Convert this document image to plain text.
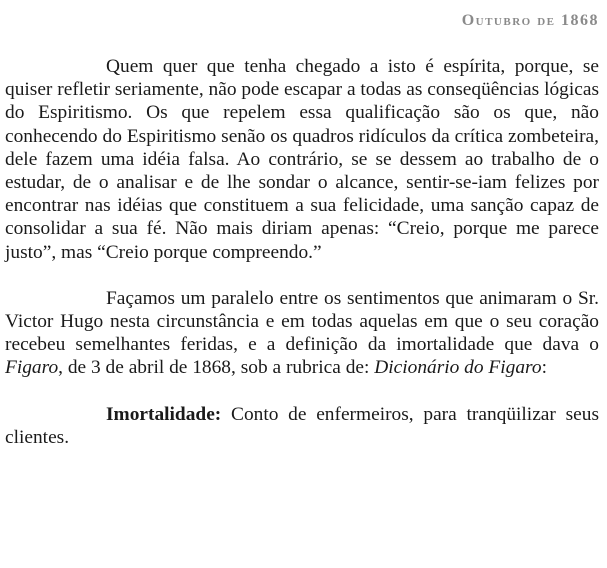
Outubro de 1868

Quem quer que tenha chegado a isto é espírita, porque, se quiser refletir seriamente, não pode escapar a todas as conseqüências lógicas do Espiritismo. Os que repelem essa qualificação são os que, não conhecendo do Espiritismo senão os quadros ridículos da crítica zombeteira, dele fazem uma idéia falsa. Ao contrário, se se dessem ao trabalho de o estudar, de o analisar e de lhe sondar o alcance, sentir-se-iam felizes por encontrar nas idéias que constituem a sua felicidade, uma sanção capaz de consolidar a sua fé. Não mais diriam apenas: “Creio, porque me parece justo”, mas “Creio porque compreendo.”

Façamos um paralelo entre os sentimentos que animaram o Sr. Victor Hugo nesta circunstância e em todas aquelas em que o seu coração recebeu semelhantes feridas, e a definição da imortalidade que dava o Figaro, de 3 de abril de 1868, sob a rubrica de: Dicionário do Figaro:

Imortalidade: Conto de enfermeiros, para tranqüilizar seus clientes.
